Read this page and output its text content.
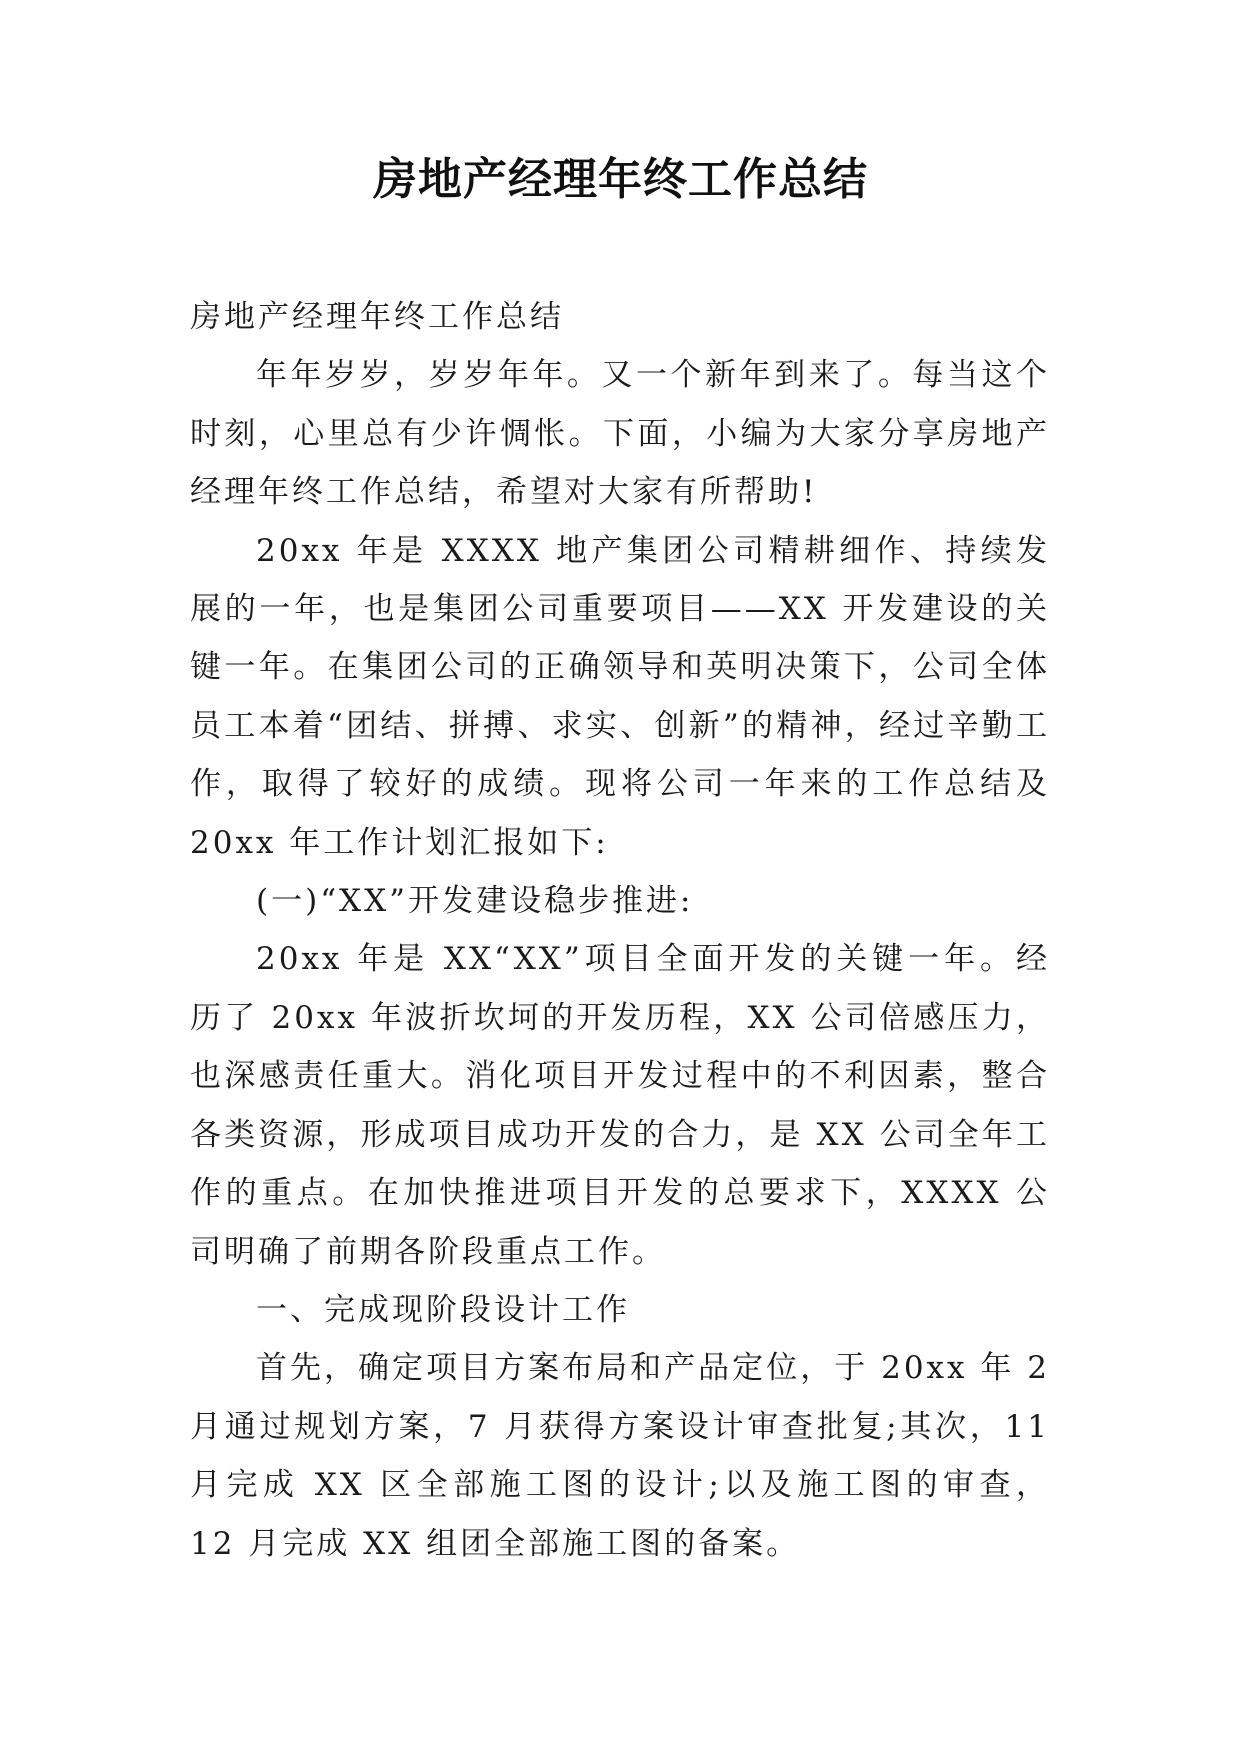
房地产经理年终工作总结

房地产经理年终工作总结

年年岁岁，岁岁年年。又一个新年到来了。每当这个时刻，心里总有少许惆怅。下面，小编为大家分享房地产经理年终工作总结，希望对大家有所帮助!

20xx 年是 XXXX 地产集团公司精耕细作、持续发展的一年，也是集团公司重要项目——XX 开发建设的关键一年。在集团公司的正确领导和英明决策下，公司全体员工本着“团结、拼搏、求实、创新”的精神，经过辛勤工作，取得了较好的成绩。现将公司一年来的工作总结及 20xx 年工作计划汇报如下:

(一)“XX”开发建设稳步推进:

20xx 年是 XX“XX”项目全面开发的关键一年。经历了 20xx 年波折坎坷的开发历程，XX 公司倍感压力，也深感责任重大。消化项目开发过程中的不利因素，整合各类资源，形成项目成功开发的合力，是 XX 公司全年工作的重点。在加快推进项目开发的总要求下，XXXX 公司明确了前期各阶段重点工作。

一、完成现阶段设计工作

首先，确定项目方案布局和产品定位，于 20xx 年 2 月通过规划方案，7 月获得方案设计审查批复;其次，11 月完成 XX 区全部施工图的设计;以及施工图的审查， 12 月完成 XX 组团全部施工图的备案。
